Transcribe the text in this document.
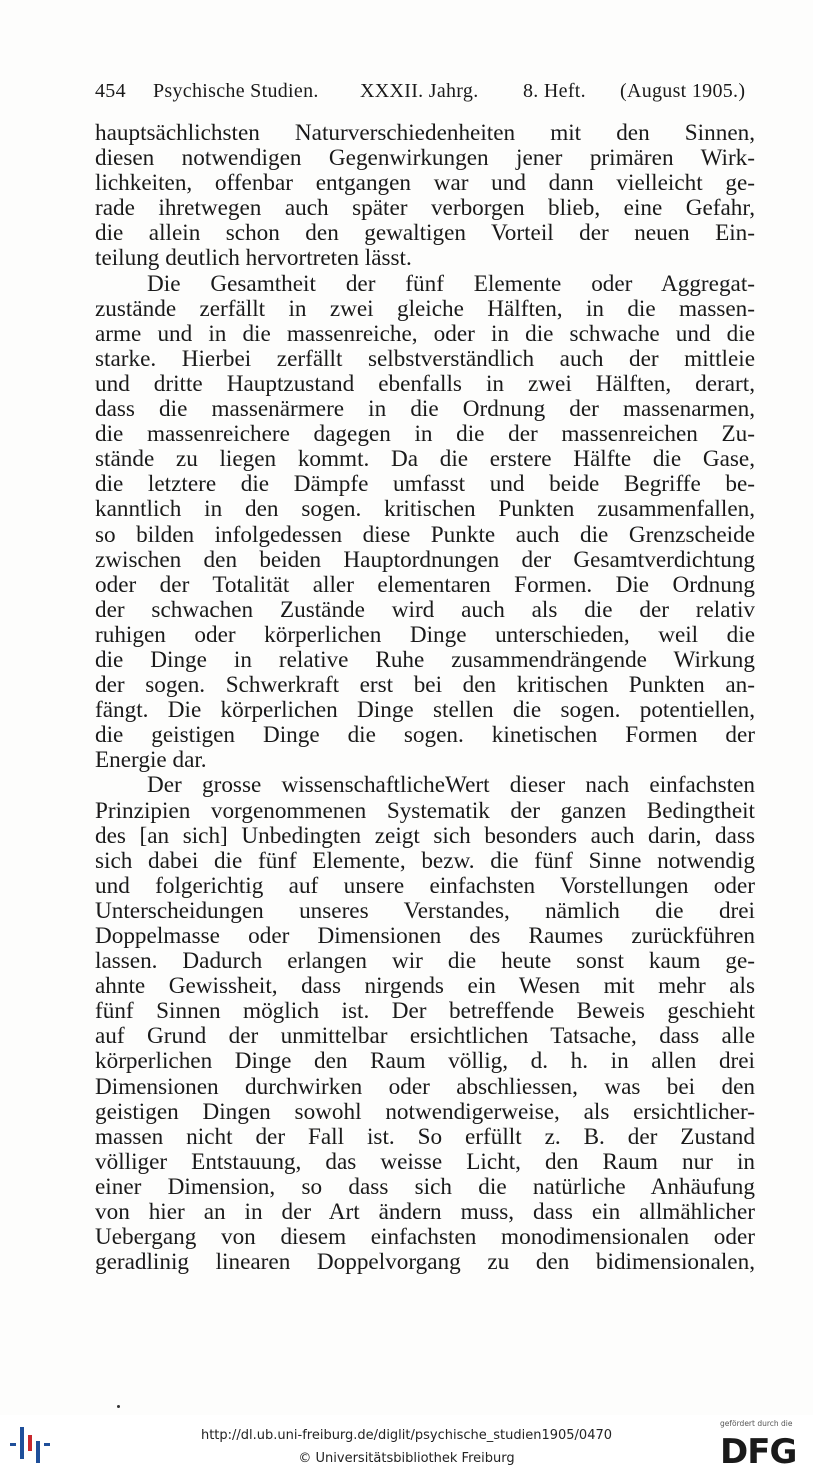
454 Psychische Studien. XXXII. Jahrg. 8. Heft. (August 1905.)
hauptsächlichsten Naturverschiedenheiten mit den Sinnen,
diesen notwendigen Gegenwirkungen jener primären Wirk-
lichkeiten, offenbar entgangen war und dann vielleicht ge-
rade ihretwegen auch später verborgen blieb, eine Gefahr,
die allein schon den gewaltigen Vorteil der neuen Ein-
teilung deutlich hervortreten lässt.
Die Gesamtheit der fünf Elemente oder Aggregat-
zustände zerfällt in zwei gleiche Hälften, in die massen-
arme und in die massenreiche, oder in die schwache und die
starke. Hierbei zerfällt selbstverständlich auch der mittleie
und dritte Hauptzustand ebenfalls in zwei Hälften, derart,
dass die massenärmere in die Ordnung der massenarmen,
die massenreichere dagegen in die der massenreichen Zu-
stände zu liegen kommt. Da die erstere Hälfte die Gase,
die letztere die Dämpfe umfasst und beide Begriffe be-
kanntlich in den sogen. kritischen Punkten zusammenfallen,
so bilden infolgedessen diese Punkte auch die Grenzscheide
zwischen den beiden Hauptordnungen der Gesamtverdichtung
oder der Totalität aller elementaren Formen. Die Ordnung
der schwachen Zustände wird auch als die der relativ
ruhigen oder körperlichen Dinge unterschieden, weil die
die Dinge in relative Ruhe zusammendrängende Wirkung
der sogen. Schwerkraft erst bei den kritischen Punkten an-
fängt. Die körperlichen Dinge stellen die sogen. potentiellen,
die geistigen Dinge die sogen. kinetischen Formen der
Energie dar.
Der grosse wissenschaftlicheWert dieser nach einfachsten
Prinzipien vorgenommenen Systematik der ganzen Bedingtheit
des [an sich] Unbedingten zeigt sich besonders auch darin, dass
sich dabei die fünf Elemente, bezw. die fünf Sinne notwendig
und folgerichtig auf unsere einfachsten Vorstellungen oder
Unterscheidungen unseres Verstandes, nämlich die drei
Doppelmasse oder Dimensionen des Raumes zurückführen
lassen. Dadurch erlangen wir die heute sonst kaum ge-
ahnte Gewissheit, dass nirgends ein Wesen mit mehr als
fünf Sinnen möglich ist. Der betreffende Beweis geschieht
auf Grund der unmittelbar ersichtlichen Tatsache, dass alle
körperlichen Dinge den Raum völlig, d. h. in allen drei
Dimensionen durchwirken oder abschliessen, was bei den
geistigen Dingen sowohl notwendigerweise, als ersichtlicher-
massen nicht der Fall ist. So erfüllt z. B. der Zustand
völliger Entstauung, das weisse Licht, den Raum nur in
einer Dimension, so dass sich die natürliche Anhäufung
von hier an in der Art ändern muss, dass ein allmählicher
Uebergang von diesem einfachsten monodimensionalen oder
geradlinig linearen Doppelvorgang zu den bidimensionalen,
http://dl.ub.uni-freiburg.de/diglit/psychische_studien1905/0470
© Universitätsbibliothek Freiburg
gefördert durch die
DFG
